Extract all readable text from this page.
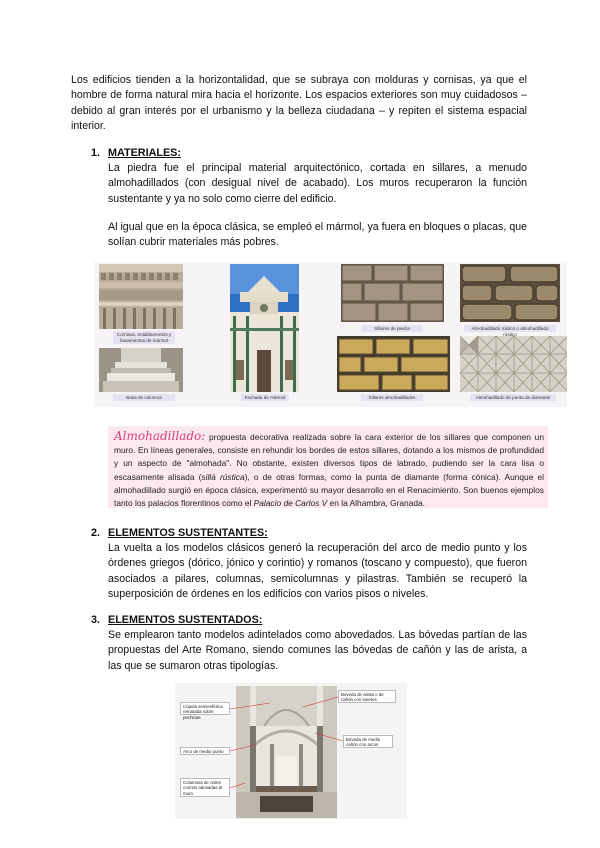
Los edificios tienden a la horizontalidad, que se subraya con molduras y cornisas, ya que el hombre de forma natural mira hacia el horizonte. Los espacios exteriores son muy cuidadosos – debido al gran interés por el urbanismo y la belleza ciudadana – y repiten el sistema espacial interior.
1. MATERIALES:
La piedra fue el principal material arquitectónico, cortada en sillares, a menudo almohadillados (con desigual nivel de acabado). Los muros recuperaron la función sustentante y ya no solo como cierre del edificio.
Al igual que en la época clásica, se empleó el mármol, ya fuera en bloques o placas, que solían cubrir materiales más pobres.
Cornisas, entablamentos y basamentos de mármol
Basa de columna	Fachada de mármol
Sillares de piedra	Almohadillado rústico o almohadillado rústico
Sillares almohadillados	Almohadillado de punta de diamante
Almohadillado: propuesta decorativa realizada sobre la cara exterior de los sillares que componen un muro. En líneas generales, consiste en rehundir los bordes de estos sillares, dotando a los mismos de profundidad y un aspecto de "almohada". No obstante, existen diversos tipos de labrado, pudiendo ser la cara lisa o escasamente alisada (sillá rústica), o de otras formas, como la punta de diamante (forma cónica). Aunque el almohadillado surgió en época clásica, experimentó su mayor desarrollo en el Renacimiento. Son buenos ejemplos tanto los palacios florentinos como el Palacio de Carlos V en la Alhambra, Granada.
2. ELEMENTOS SUSTENTANTES:
La vuelta a los modelos clásicos generó la recuperación del arco de medio punto y los órdenes griegos (dórico, jónico y corintio) y romanos (toscano y compuesto), que fueron asociados a pilares, columnas, semicolumnas y pilastras. También se recuperó la superposición de órdenes en los edificios con varios pisos o niveles.
3. ELEMENTOS SUSTENTADOS:
Se emplearon tanto modelos adintelados como abovedados. Las bóvedas partían de las propuestas del Arte Romano, siendo comunes las bóvedas de cañón y las de arista, a las que se sumaron otras tipologías.
Cúpula semiesférica rematada sobre pechinas
Arco de medio punto
Columnas de orden corintio adosadas al muro
Bóveda de arista o de cañón con lunetos
Bóveda de medio cañón con arcos
